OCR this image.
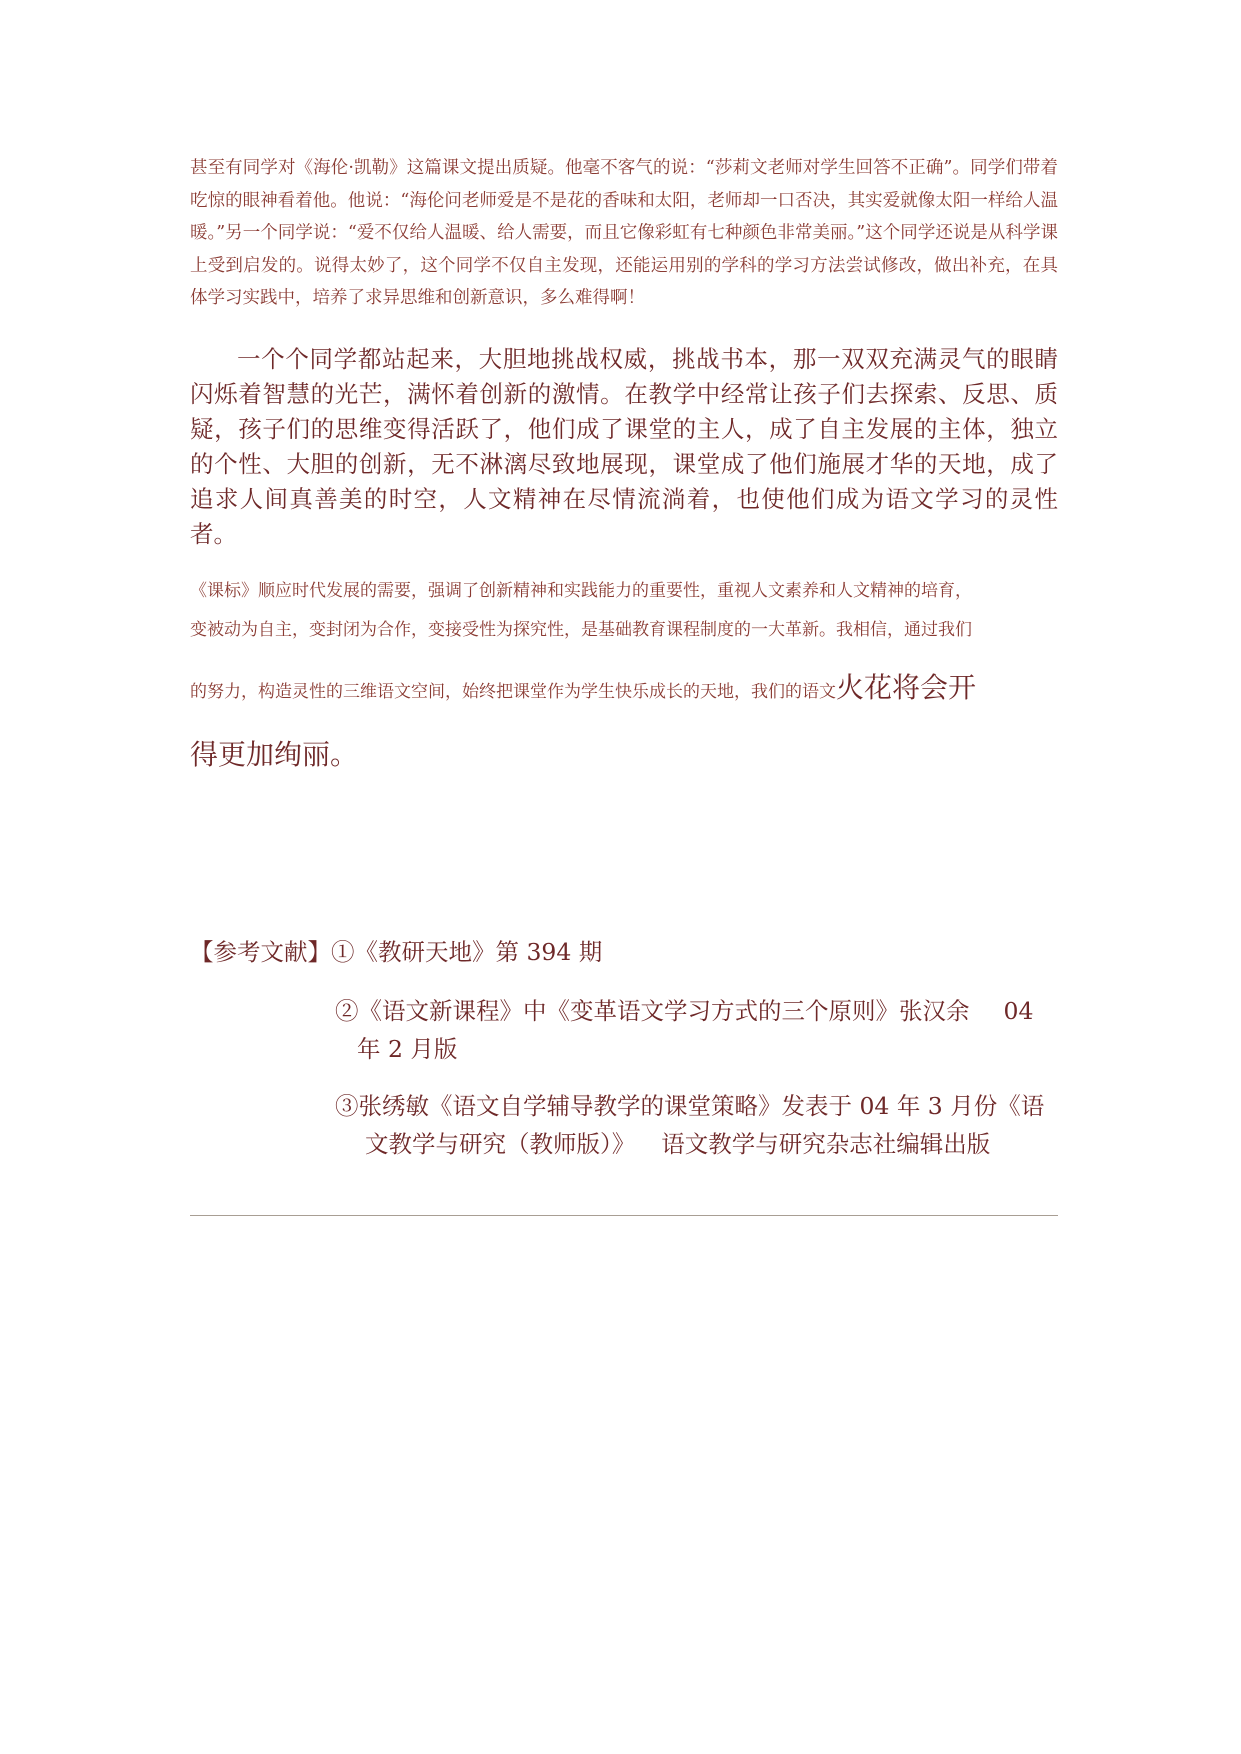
甚至有同学对《海伦·凯勒》这篇课文提出质疑。他毫不客气的说：“莎莉文老师对学生回答不正确”。同学们带着吃惊的眼神看着他。他说：“海伦问老师爱是不是花的香味和太阳，老师却一口否决，其实爱就像太阳一样给人温暖。”另一个同学说：“爱不仅给人温暖、给人需要，而且它像彩虹有七种颜色非常美丽。”这个同学还说是从科学课上受到启发的。说得太妙了，这个同学不仅自主发现，还能运用别的学科的学习方法尝试修改，做出补充，在具体学习实践中，培养了求异思维和创新意识，多么难得啊！

一个个同学都站起来，大胆地挑战权威，挑战书本，那一双双充满灵气的眼睛闪烁着智慧的光芒，满怀着创新的激情。在教学中经常让孩子们去探索、反思、质疑，孩子们的思维变得活跃了，他们成了课堂的主人，成了自主发展的主体，独立的个性、大胆的创新，无不淋漓尽致地展现，课堂成了他们施展才华的天地，成了追求人间真善美的时空，人文精神在尽情流淌着，也使他们成为语文学习的灵性者。

《课标》顺应时代发展的需要，强调了创新精神和实践能力的重要性，重视人文素养和人文精神的培育，
变被动为自主，变封闭为合作，变接受性为探究性，是基础教育课程制度的一大革新。我相信，通过我们
的努力，构造灵性的三维语文空间，始终把课堂作为学生快乐成长的天地，我们的语文火花将会开
得更加绚丽。
【参考文献】①《教研天地》第 394 期
②《语文新课程》中《变革语文学习方式的三个原则》张汉余 04
年 2 月版
③张绣敏《语文自学辅导教学的课堂策略》发表于 04 年 3 月份《语
文教学与研究（教师版）》 语文教学与研究杂志社编辑出版
